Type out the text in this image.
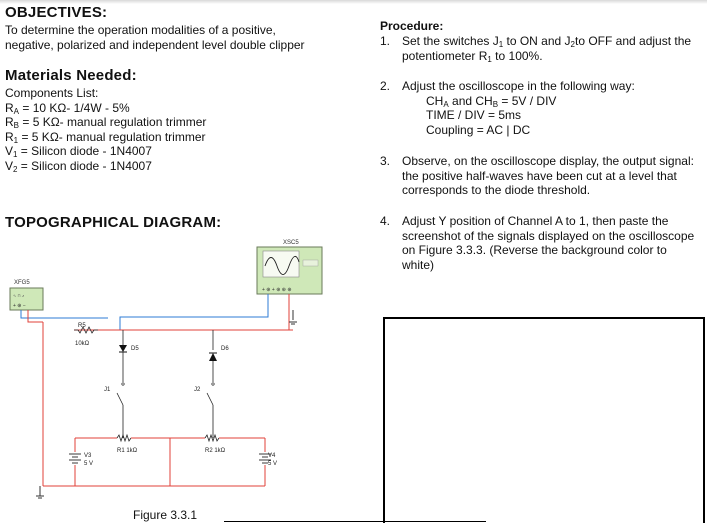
OBJECTIVES:
To determine the operation modalities of a positive,
negative, polarized and independent level double clipper
Materials Needed:
Components List:
$R_A = 10$ KΩ- 1/4W - 5%
$R_B = 5$ KΩ- manual regulation trimmer
$R_1 = 5$ KΩ- manual regulation trimmer
$V_1$ = Silicon diode - 1N4007
$V_2$ = Silicon diode - 1N4007
TOPOGRAPHICAL DIAGRAM:
XFG5
∿ ⊓ ⩘
+ ⊕ −
XSC5
+ ⊕ + ⊕ ⊕ ⊕
R5
10kΩ
D5
J1
D6
J2
R1 1kΩ	R2 1kΩ
V3
5 V
V4
5 V
Figure 3.3.1
Procedure:
1. Set the switches $J_1$ to ON and $J_2to$ OFF and adjust the potentiometer $R_1$ to 100%.
2. Adjust the oscilloscope in the following way:
$CH_A$ and $CH_B = 5V$ / DIV
TIME / DIV = 5ms
Coupling = AC | DC
3. Observe, on the oscilloscope display, the output signal: the positive half-waves have been cut at a level that corresponds to the diode threshold.
4. Adjust Y position of Channel A to 1, then paste the screenshot of the signals displayed on the oscilloscope on Figure 3.3.3. (Reverse the background color to white)
